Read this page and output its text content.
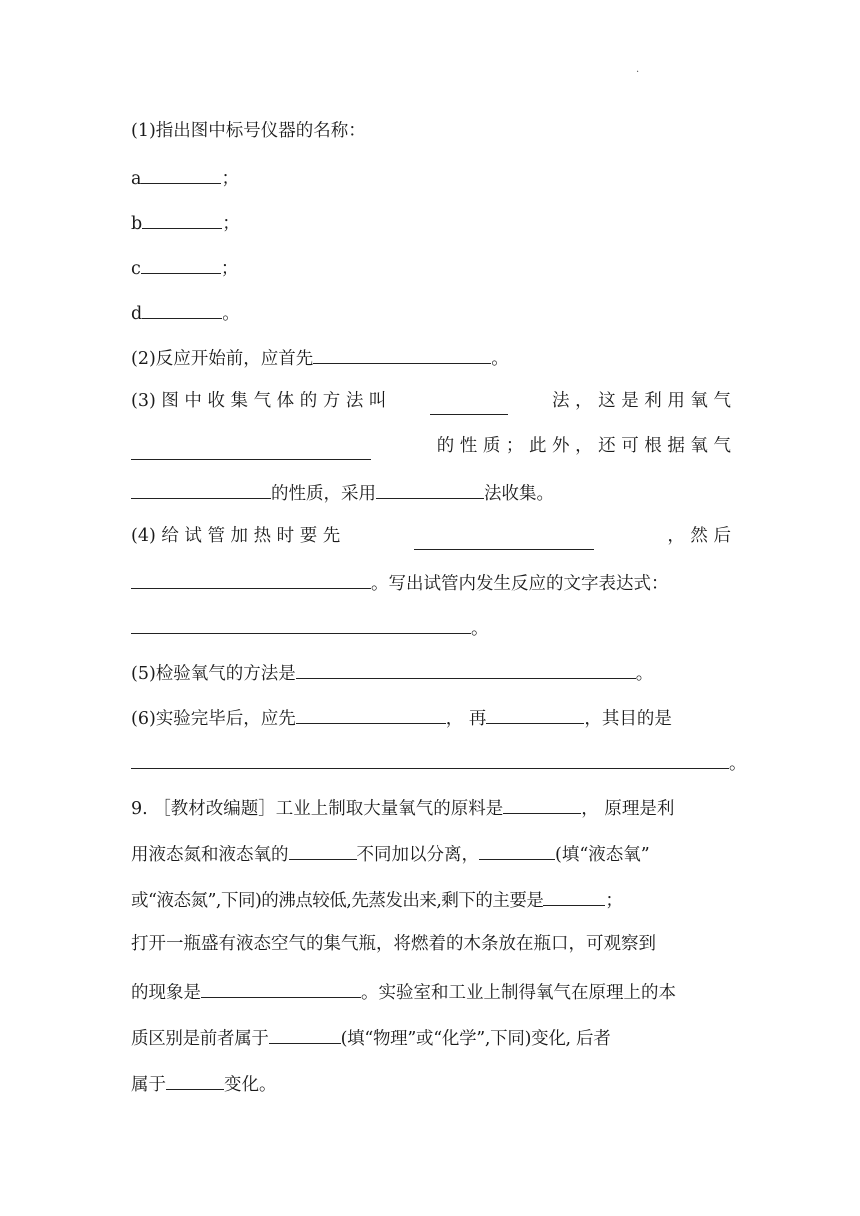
.
(1)指出图中标号仪器的名称：
a	；
b	；
c	；
d	。
(2)反应开始前，应首先	。
(3) 图 中 收 集 气 体 的 方 法 叫	法 ， 这 是 利 用 氧 气
的 性 质 ； 此 外 ， 还 可 根 据 氧 气
的性质，采用	法收集。
(4) 给 试 管 加 热 时 要 先	， 然 后
。写出试管内发生反应的文字表达式：
。
(5)检验氧气的方法是	。
(6)实验完毕后，应先	， 再	，其目的是
。
9. ［教材改编题］工业上制取大量氧气的原料是	， 原理是利
用液态氮和液态氧的	不同加以分离，	(填“液态氧”
或“液态氮”,下同)的沸点较低,先蒸发出来,剩下的主要是	；
打开一瓶盛有液态空气的集气瓶，将燃着的木条放在瓶口，可观察到
的现象是	。实验室和工业上制得氧气在原理上的本
质区别是前者属于	(填“物理”或“化学”,下同)变化, 后者
属于	变化。
